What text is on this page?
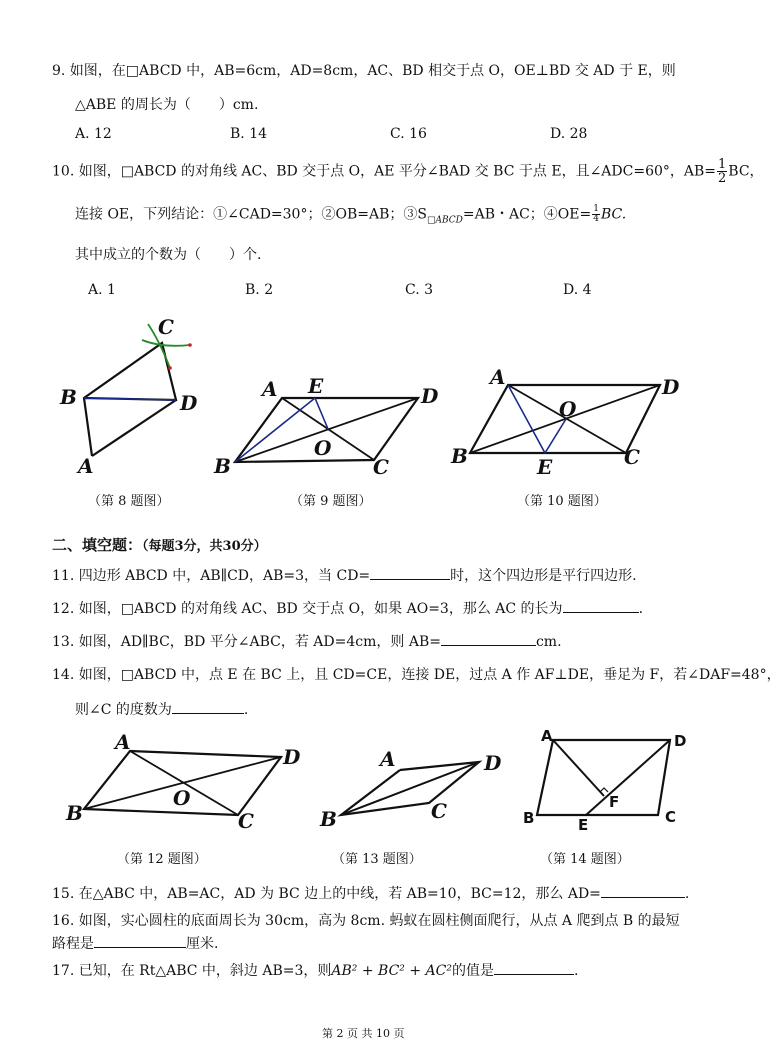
9. 如图，在□ABCD 中，AB=6cm，AD=8cm，AC、BD 相交于点 O，OE⊥BD 交 AD 于 E，则
△ABE 的周长为（　　）cm.
A. 12	B. 14	C. 16	D. 28
10. 如图，□ABCD 的对角线 AC、BD 交于点 O，AE 平分∠BAD 交 BC 于点 E，且∠ADC=60°，$AB= \frac{1}{2}$ BC，
连接 OE，下列结论：①∠CAD=30°；②OB=AB；$③S_{□ABCD}=AB$・AC；④OE= $\frac{1}{4}$ BC.
其中成立的个数为（　　）个.
A. 1	B. 2	C. 3	D. 4
A
B
C
D
A E	D
O
B	C
A	D
O
B	E	C
A
D
O
B	C
A	D
B	C
A	D
F
B	E	C
（第 8 题图）	（第 9 题图）	（第 10 题图）
二、填空题：（每题3分，共30分）
11. 四边形 ABCD 中，AB∥CD，AB=3，当 CD=	时，这个四边形是平行四边形.
12. 如图，□ABCD 的对角线 AC、BD 交于点 O，如果 AO=3，那么 AC 的长为	.
13. 如图，AD∥BC，BD 平分∠ABC，若 AD=4cm，则 AB=	cm.
14. 如图，□ABCD 中，点 E 在 BC 上，且 CD=CE，连接 DE，过点 A 作 AF⊥DE，垂足为 F，若∠DAF=48°，
则∠C 的度数为	.
（第 12 题图）	（第 13 题图）	（第 14 题图）
15. 在△ABC 中，AB=AC，AD 为 BC 边上的中线，若 AB=10，BC=12，那么 AD=	.
16. 如图，实心圆柱的底面周长为 30cm，高为 8cm. 蚂蚁在圆柱侧面爬行，从点 A 爬到点 B 的最短
路程是	厘米.
17. 已知，在 Rt△ABC 中，斜边 AB=3，则AB² + BC² + AC²的值是	.
第 2 页 共 10 页
